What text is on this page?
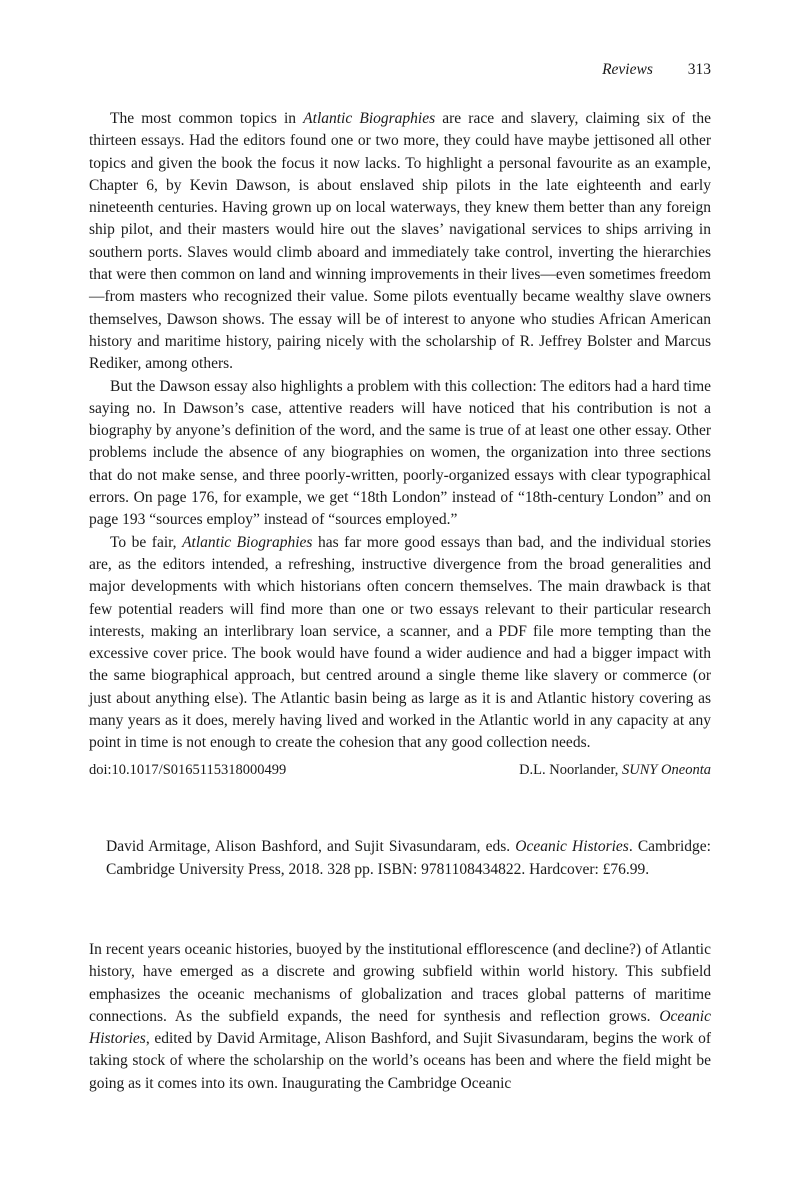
Reviews 313

The most common topics in Atlantic Biographies are race and slavery, claiming six of the thirteen essays. Had the editors found one or two more, they could have maybe jettisoned all other topics and given the book the focus it now lacks. To highlight a personal favourite as an example, Chapter 6, by Kevin Dawson, is about enslaved ship pilots in the late eighteenth and early nineteenth centuries. Having grown up on local waterways, they knew them better than any foreign ship pilot, and their masters would hire out the slaves’ navigational services to ships arriving in southern ports. Slaves would climb aboard and immediately take control, inverting the hierarchies that were then common on land and winning improvements in their lives—even sometimes freedom—from masters who recognized their value. Some pilots eventually became wealthy slave owners themselves, Dawson shows. The essay will be of interest to anyone who studies African American history and maritime history, pairing nicely with the scholarship of R. Jeffrey Bolster and Marcus Rediker, among others.

But the Dawson essay also highlights a problem with this collection: The editors had a hard time saying no. In Dawson’s case, attentive readers will have noticed that his contribution is not a biography by anyone’s definition of the word, and the same is true of at least one other essay. Other problems include the absence of any biographies on women, the organization into three sections that do not make sense, and three poorly-written, poorly-organized essays with clear typographical errors. On page 176, for example, we get “18th London” instead of “18th-century London” and on page 193 “sources employ” instead of “sources employed.”

To be fair, Atlantic Biographies has far more good essays than bad, and the individual stories are, as the editors intended, a refreshing, instructive divergence from the broad generalities and major developments with which historians often concern themselves. The main drawback is that few potential readers will find more than one or two essays relevant to their particular research interests, making an interlibrary loan service, a scanner, and a PDF file more tempting than the excessive cover price. The book would have found a wider audience and had a bigger impact with the same biographical approach, but centred around a single theme like slavery or commerce (or just about anything else). The Atlantic basin being as large as it is and Atlantic history covering as many years as it does, merely having lived and worked in the Atlantic world in any capacity at any point in time is not enough to create the cohesion that any good collection needs.

doi:10.1017/S0165115318000499	D.L. Noorlander, SUNY Oneonta
David Armitage, Alison Bashford, and Sujit Sivasundaram, eds. Oceanic Histories. Cambridge: Cambridge University Press, 2018. 328 pp. ISBN: 9781108434822. Hardcover: £76.99.

In recent years oceanic histories, buoyed by the institutional efflorescence (and decline?) of Atlantic history, have emerged as a discrete and growing subfield within world history. This subfield emphasizes the oceanic mechanisms of globalization and traces global patterns of maritime connections. As the subfield expands, the need for synthesis and reflection grows. Oceanic Histories, edited by David Armitage, Alison Bashford, and Sujit Sivasundaram, begins the work of taking stock of where the scholarship on the world’s oceans has been and where the field might be going as it comes into its own. Inaugurating the Cambridge Oceanic
